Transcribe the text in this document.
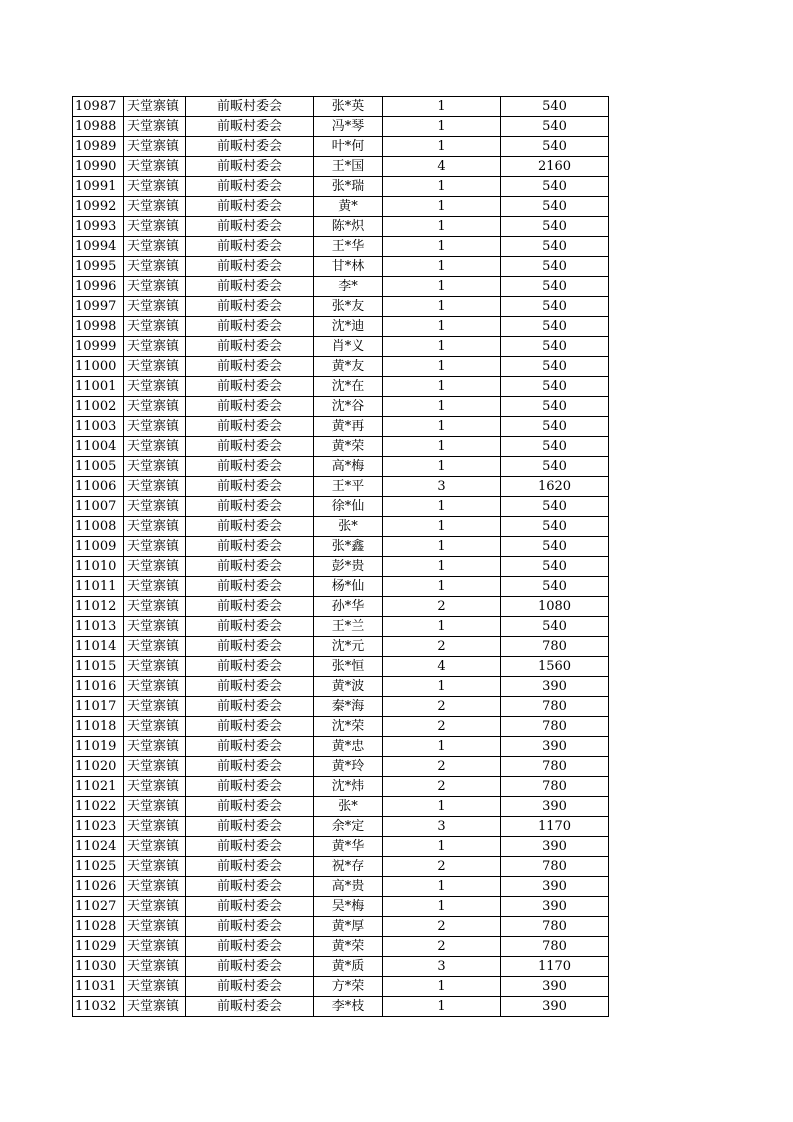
10987	天堂寨镇	前畈村委会	张*英	1	540
10988	天堂寨镇	前畈村委会	冯*琴	1	540
10989	天堂寨镇	前畈村委会	叶*何	1	540
10990	天堂寨镇	前畈村委会	王*国	4	2160
10991	天堂寨镇	前畈村委会	张*瑞	1	540
10992	天堂寨镇	前畈村委会	黄*	1	540
10993	天堂寨镇	前畈村委会	陈*炽	1	540
10994	天堂寨镇	前畈村委会	王*华	1	540
10995	天堂寨镇	前畈村委会	甘*林	1	540
10996	天堂寨镇	前畈村委会	李*	1	540
10997	天堂寨镇	前畈村委会	张*友	1	540
10998	天堂寨镇	前畈村委会	沈*迪	1	540
10999	天堂寨镇	前畈村委会	肖*义	1	540
11000	天堂寨镇	前畈村委会	黄*友	1	540
11001	天堂寨镇	前畈村委会	沈*在	1	540
11002	天堂寨镇	前畈村委会	沈*谷	1	540
11003	天堂寨镇	前畈村委会	黄*再	1	540
11004	天堂寨镇	前畈村委会	黄*荣	1	540
11005	天堂寨镇	前畈村委会	高*梅	1	540
11006	天堂寨镇	前畈村委会	王*平	3	1620
11007	天堂寨镇	前畈村委会	徐*仙	1	540
11008	天堂寨镇	前畈村委会	张*	1	540
11009	天堂寨镇	前畈村委会	张*鑫	1	540
11010	天堂寨镇	前畈村委会	彭*贵	1	540
11011	天堂寨镇	前畈村委会	杨*仙	1	540
11012	天堂寨镇	前畈村委会	孙*华	2	1080
11013	天堂寨镇	前畈村委会	王*兰	1	540
11014	天堂寨镇	前畈村委会	沈*元	2	780
11015	天堂寨镇	前畈村委会	张*恒	4	1560
11016	天堂寨镇	前畈村委会	黄*波	1	390
11017	天堂寨镇	前畈村委会	秦*海	2	780
11018	天堂寨镇	前畈村委会	沈*荣	2	780
11019	天堂寨镇	前畈村委会	黄*忠	1	390
11020	天堂寨镇	前畈村委会	黄*玲	2	780
11021	天堂寨镇	前畈村委会	沈*炜	2	780
11022	天堂寨镇	前畈村委会	张*	1	390
11023	天堂寨镇	前畈村委会	余*定	3	1170
11024	天堂寨镇	前畈村委会	黄*华	1	390
11025	天堂寨镇	前畈村委会	祝*存	2	780
11026	天堂寨镇	前畈村委会	高*贵	1	390
11027	天堂寨镇	前畈村委会	吴*梅	1	390
11028	天堂寨镇	前畈村委会	黄*厚	2	780
11029	天堂寨镇	前畈村委会	黄*荣	2	780
11030	天堂寨镇	前畈村委会	黄*质	3	1170
11031	天堂寨镇	前畈村委会	方*荣	1	390
11032	天堂寨镇	前畈村委会	李*枝	1	390
